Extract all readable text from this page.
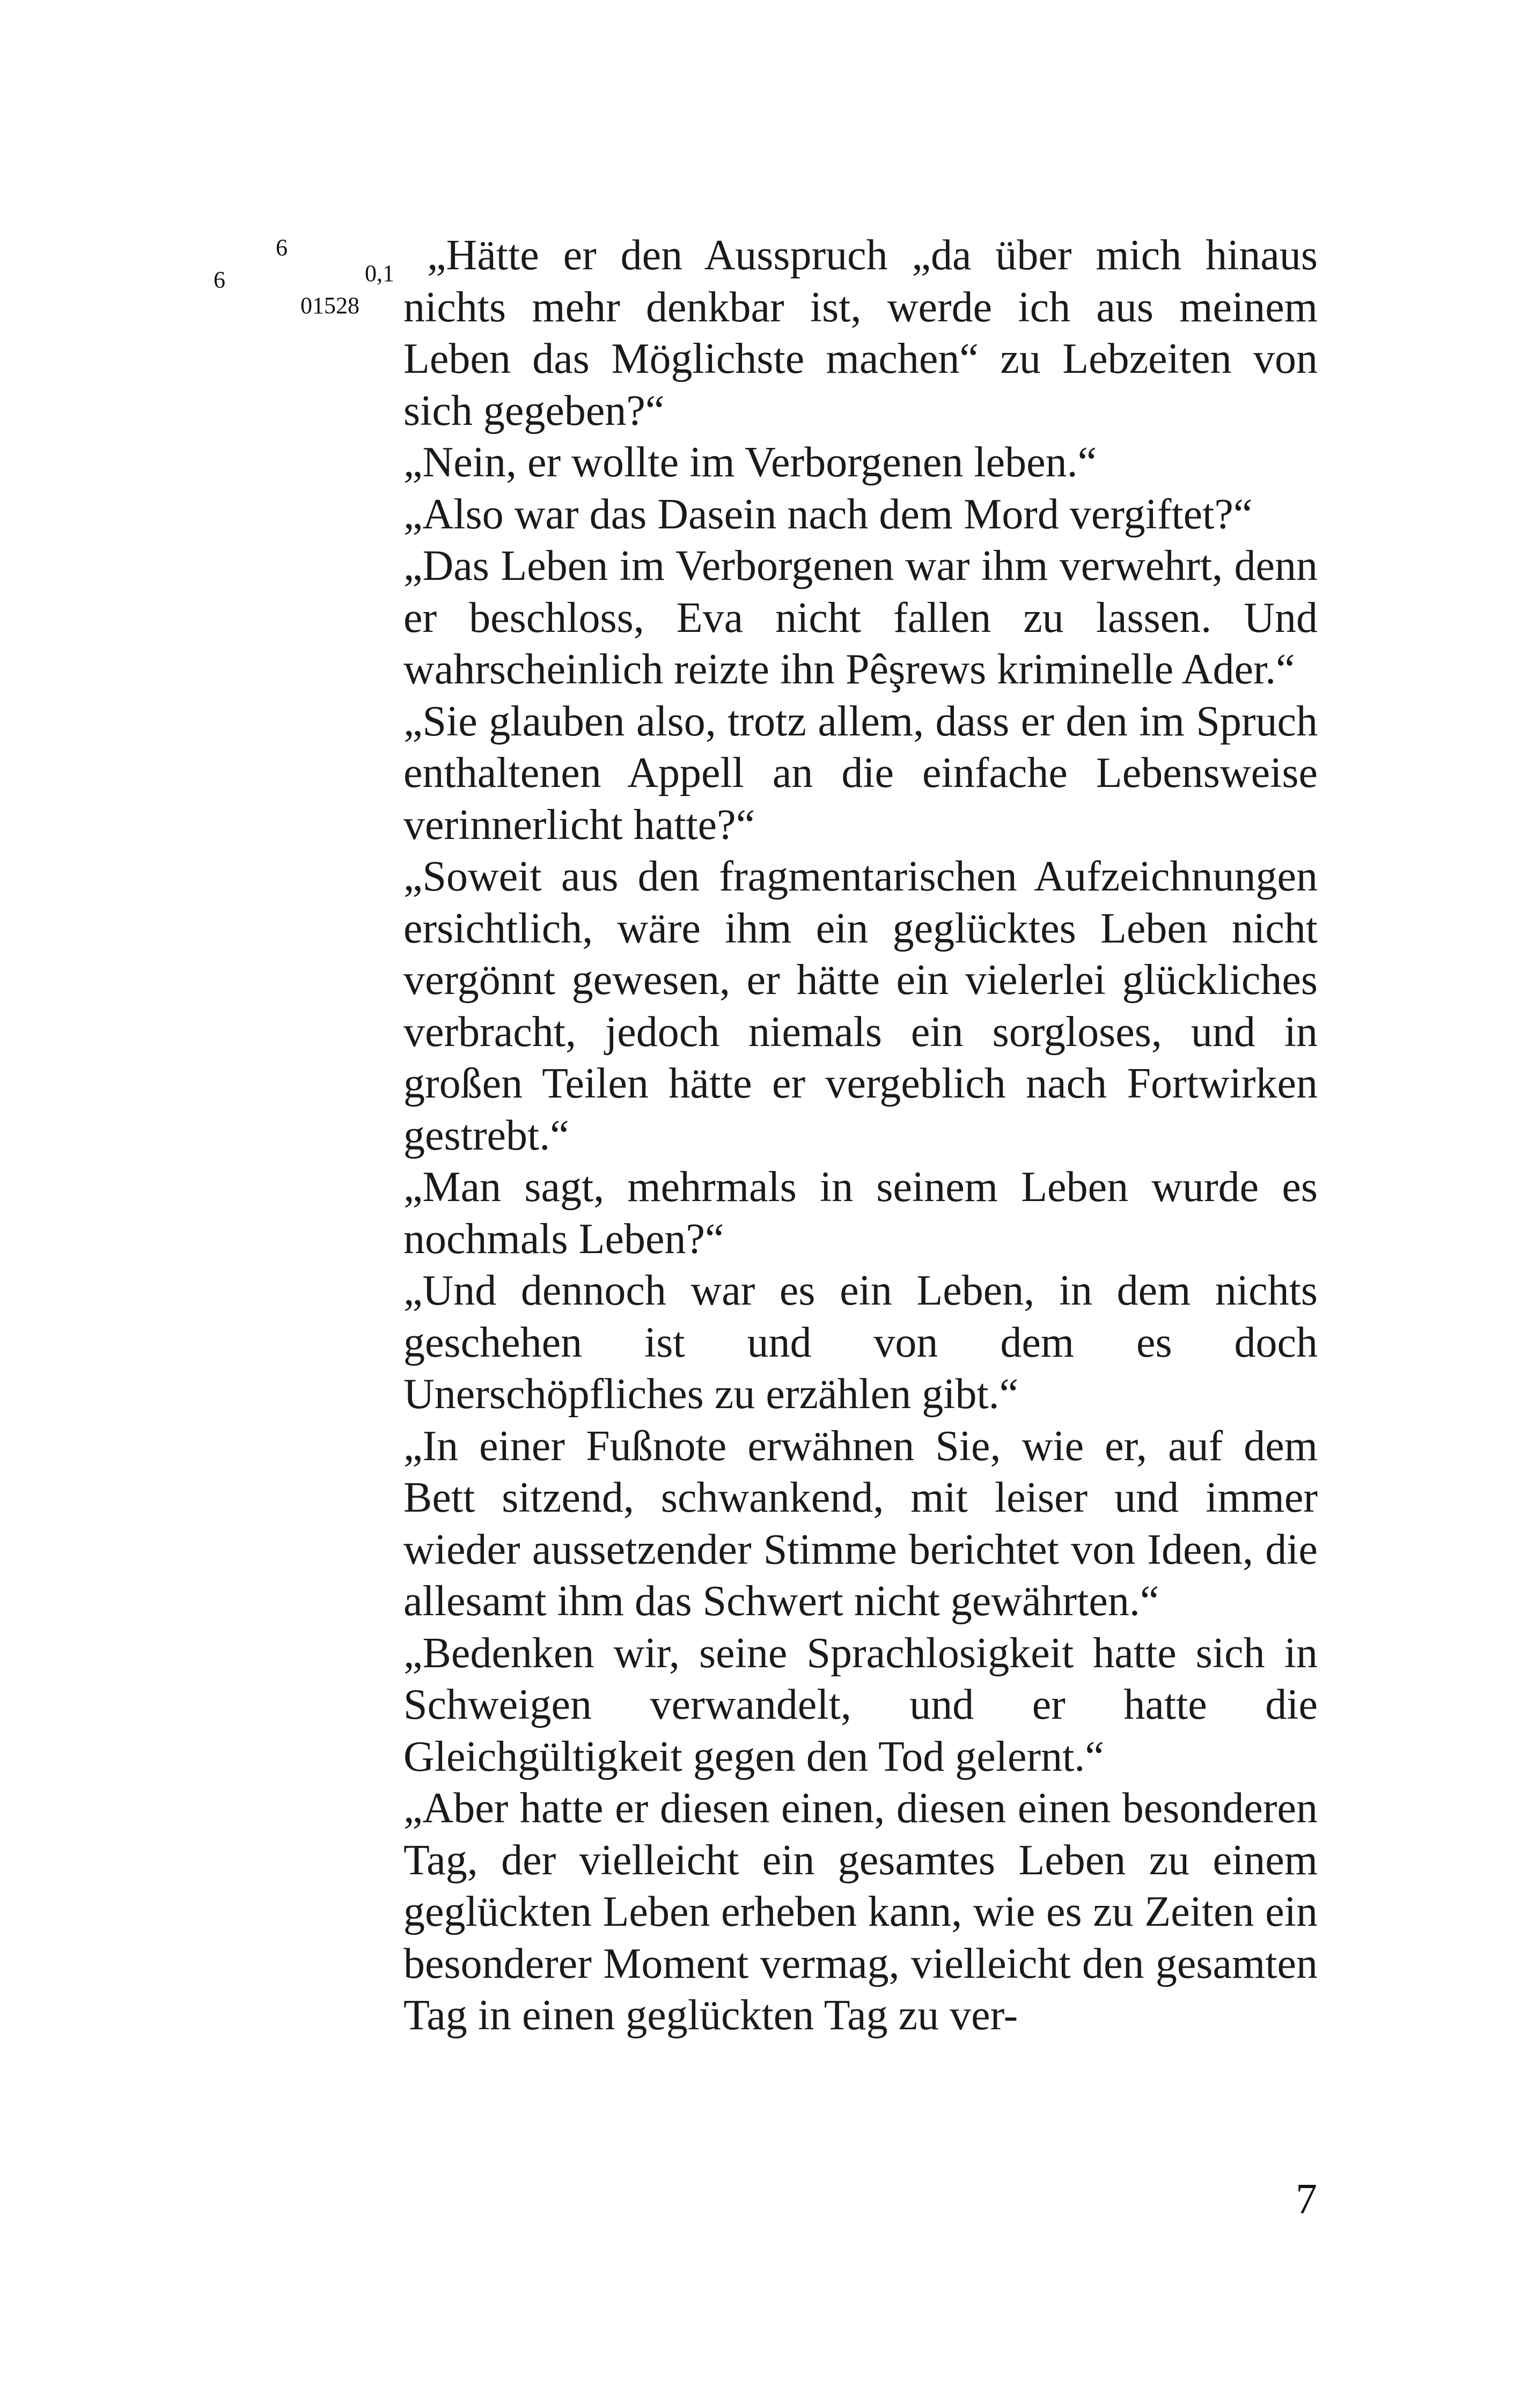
6
6
0,1
01528

„Hätte er den Ausspruch „da über mich hinaus nichts mehr denkbar ist, werde ich aus meinem Leben das Möglichste machen“ zu Lebzeiten von sich gegeben?“

„Nein, er wollte im Verborgenen leben.“

„Also war das Dasein nach dem Mord vergiftet?“

„Das Leben im Verborgenen war ihm verwehrt, denn er beschloss, Eva nicht fallen zu lassen. Und wahrscheinlich reizte ihn Pêşrews kriminelle Ader.“

„Sie glauben also, trotz allem, dass er den im Spruch enthaltenen Appell an die einfache Lebensweise verinnerlicht hatte?“

„Soweit aus den fragmentarischen Aufzeichnungen ersichtlich, wäre ihm ein geglücktes Leben nicht vergönnt gewesen, er hätte ein vielerlei glückliches verbracht, jedoch niemals ein sorgloses, und in großen Teilen hätte er vergeblich nach Fortwirken gestrebt.“

„Man sagt, mehrmals in seinem Leben wurde es nochmals Leben?“

„Und dennoch war es ein Leben, in dem nichts geschehen ist und von dem es doch Unerschöpfliches zu erzählen gibt.“

„In einer Fußnote erwähnen Sie, wie er, auf dem Bett sitzend, schwankend, mit leiser und immer wieder aussetzender Stimme berichtet von Ideen, die allesamt ihm das Schwert nicht gewährten.“

„Bedenken wir, seine Sprachlosigkeit hatte sich in Schweigen verwandelt, und er hatte die Gleichgültigkeit gegen den Tod gelernt.“

„Aber hatte er diesen einen, diesen einen besonderen Tag, der vielleicht ein gesamtes Leben zu einem geglückten Leben erheben kann, wie es zu Zeiten ein besonderer Moment vermag, vielleicht den gesamten Tag in einen geglückten Tag zu ver-

7
